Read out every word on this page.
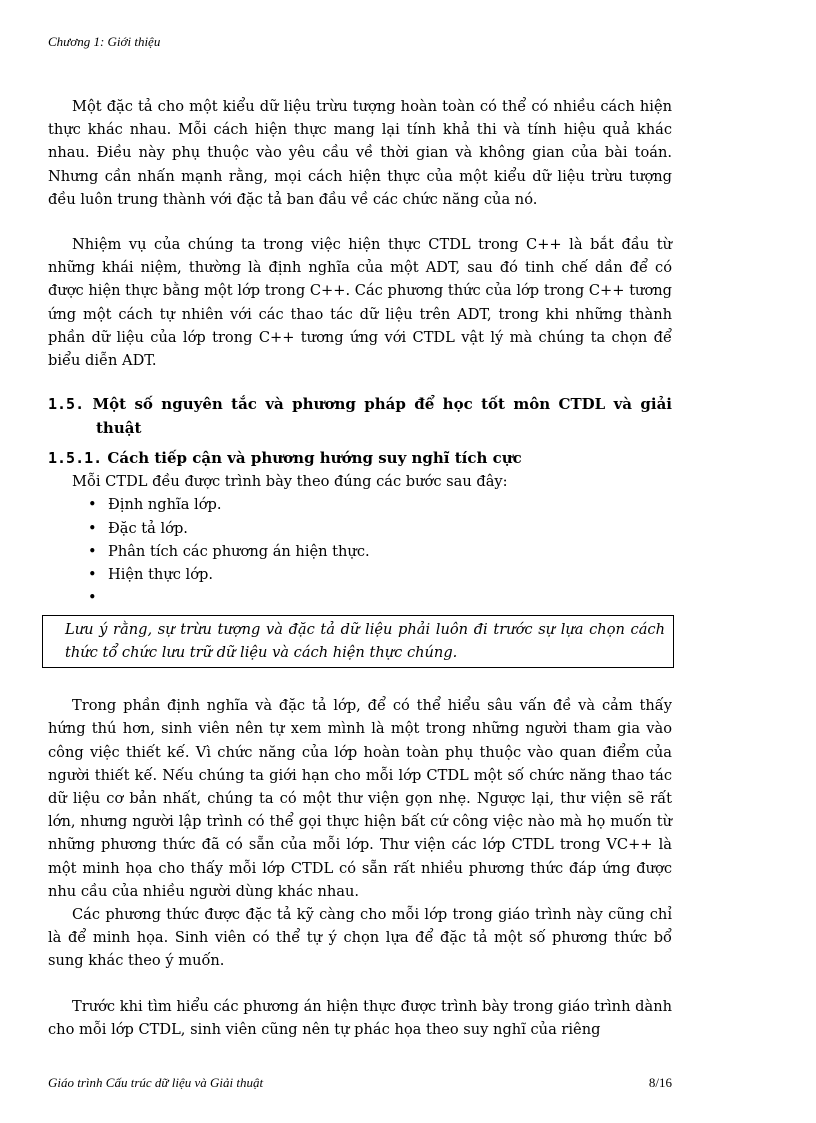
Chương 1: Giới thiệu

Một đặc tả cho một kiểu dữ liệu trừu tượng hoàn toàn có thể có nhiều cách hiện thực khác nhau. Mỗi cách hiện thực mang lại tính khả thi và tính hiệu quả khác nhau. Điều này phụ thuộc vào yêu cầu về thời gian và không gian của bài toán. Nhưng cần nhấn mạnh rằng, mọi cách hiện thực của một kiểu dữ liệu trừu tượng đều luôn trung thành với đặc tả ban đầu về các chức năng của nó.

Nhiệm vụ của chúng ta trong việc hiện thực CTDL trong C++ là bắt đầu từ những khái niệm, thường là định nghĩa của một ADT, sau đó tinh chế dần để có được hiện thực bằng một lớp trong C++. Các phương thức của lớp trong C++ tương ứng một cách tự nhiên với các thao tác dữ liệu trên ADT, trong khi những thành phần dữ liệu của lớp trong C++ tương ứng với CTDL vật lý mà chúng ta chọn để biểu diễn ADT.

1.5. Một số nguyên tắc và phương pháp để học tốt môn CTDL và giải thuật
1.5.1. Cách tiếp cận và phương hướng suy nghĩ tích cực

Mỗi CTDL đều được trình bày theo đúng các bước sau đây:

• Định nghĩa lớp.
• Đặc tả lớp.
• Phân tích các phương án hiện thực.
• Hiện thực lớp.
•
Lưu ý rằng, sự trừu tượng và đặc tả dữ liệu phải luôn đi trước sự lựa chọn cách thức tổ chức lưu trữ dữ liệu và cách hiện thực chúng.

Trong phần định nghĩa và đặc tả lớp, để có thể hiểu sâu vấn đề và cảm thấy hứng thú hơn, sinh viên nên tự xem mình là một trong những người tham gia vào công việc thiết kế. Vì chức năng của lớp hoàn toàn phụ thuộc vào quan điểm của người thiết kế. Nếu chúng ta giới hạn cho mỗi lớp CTDL một số chức năng thao tác dữ liệu cơ bản nhất, chúng ta có một thư viện gọn nhẹ. Ngược lại, thư viện sẽ rất lớn, nhưng người lập trình có thể gọi thực hiện bất cứ công việc nào mà họ muốn từ những phương thức đã có sẵn của mỗi lớp. Thư viện các lớp CTDL trong VC++ là một minh họa cho thấy mỗi lớp CTDL có sẵn rất nhiều phương thức đáp ứng được nhu cầu của nhiều người dùng khác nhau.

Các phương thức được đặc tả kỹ càng cho mỗi lớp trong giáo trình này cũng chỉ là để minh họa. Sinh viên có thể tự ý chọn lựa để đặc tả một số phương thức bổ sung khác theo ý muốn.

Trước khi tìm hiểu các phương án hiện thực được trình bày trong giáo trình dành cho mỗi lớp CTDL, sinh viên cũng nên tự phác họa theo suy nghĩ của riêng

Giáo trình Cấu trúc dữ liệu và Giải thuật	8/16
